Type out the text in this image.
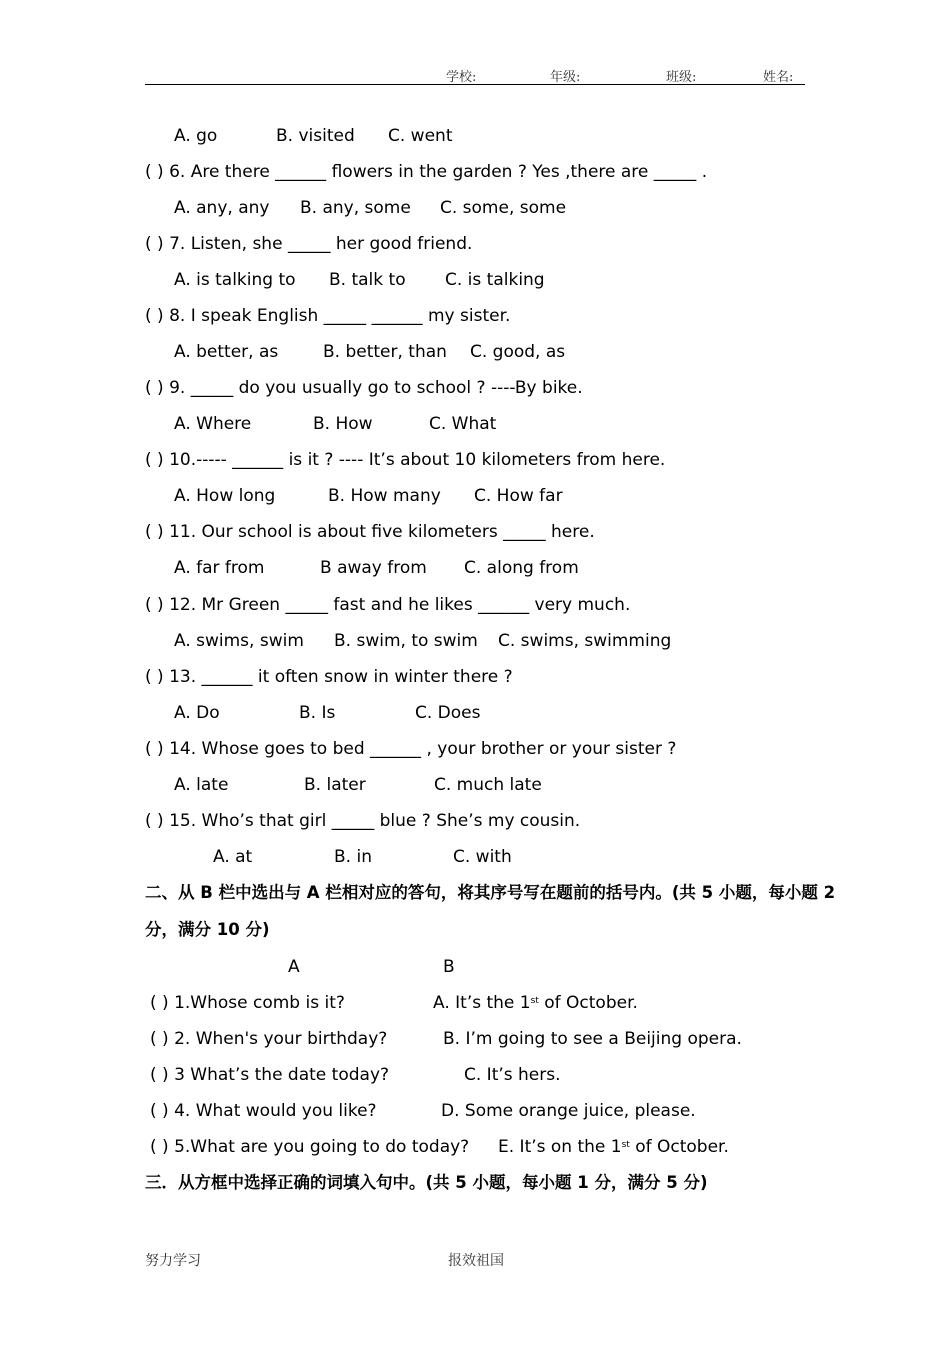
学校:	年级:	班级:	姓名:
A. go	B. visited C. went
( ) 6. Are there ______ flowers in the garden ? Yes ,there are _____ .
A. any, any B. any, some C. some, some
( ) 7. Listen, she _____ her good friend.
A. is talking to B. talk to C. is talking
( ) 8. I speak English _____ ______ my sister.
A. better, as	B. better, than C. good, as
( ) 9. _____ do you usually go to school ? ----By bike.
A. Where	B. How	C. What
( ) 10.----- ______ is it ? ---- It’s about 10 kilometers from here.
A. How long	B. How many C. How far
( ) 11. Our school is about five kilometers _____ here.
A. far from	B away from C. along from
( ) 12. Mr Green _____ fast and he likes ______ very much.
A. swims, swim B. swim, to swim C. swims, swimming
( ) 13. ______ it often snow in winter there ?
A. Do	B. Is	C. Does
( ) 14. Whose goes to bed ______ , your brother or your sister ?
A. late	B. later	C. much late
( ) 15. Who’s that girl _____ blue ? She’s my cousin.
A. at	B. in	C. with
二、从 B 栏中选出与 A 栏相对应的答句，将其序号写在题前的括号内。(共 5 小题，每小题 2
分，满分 10 分)
A	B
( ) 1.Whose comb is it?	A. It’s the 1st of October.
( ) 2. When's your birthday?	B. I’m going to see a Beijing opera.
( ) 3 What’s the date today?	C. It’s hers.
( ) 4. What would you like?	D. Some orange juice, please.
( ) 5.What are you going to do today? E. It’s on the 1st of October.
三．从方框中选择正确的词填入句中。(共 5 小题，每小题 1 分，满分 5 分)
努力学习	报效祖国
